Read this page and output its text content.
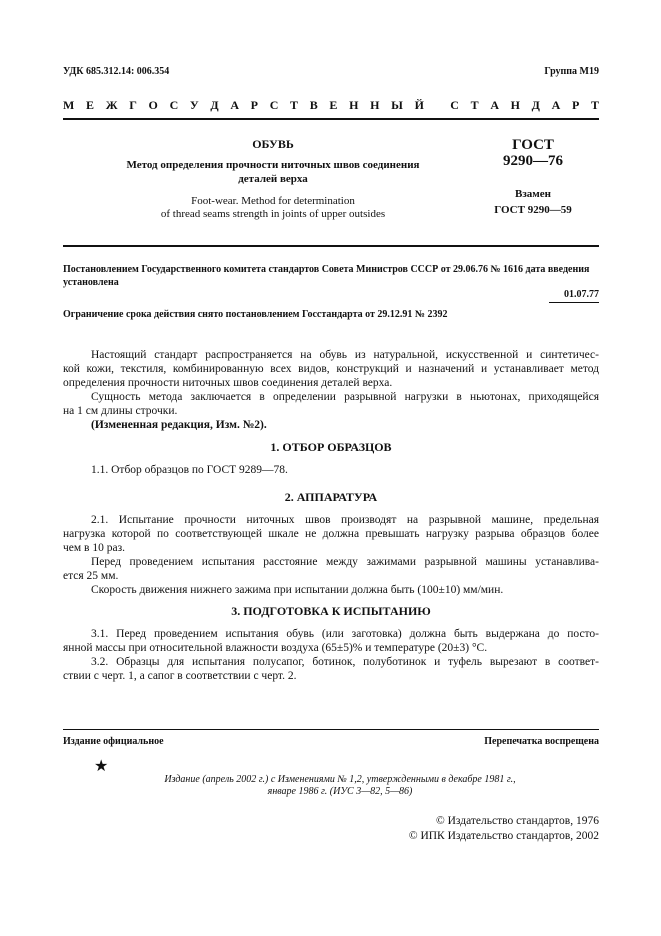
УДК 685.312.14: 006.354	Группа М19
М Е Ж Г О С У Д А Р С Т В Е Н Н Ы Й
С Т А Н Д А Р Т
ОБУВЬ
Метод определения прочности ниточных швов соединения
деталей верха
Foot-wear. Method for determination
of thread seams strength in joints of upper outsides
ГОСТ
9290—76
Взамен
ГОСТ 9290—59
Постановлением Государственного комитета стандартов Совета Министров СССР от 29.06.76 № 1616 дата введения установлена
01.07.77
Ограничение срока действия снято постановлением Госстандарта от 29.12.91 № 2392
Настоящий стандарт распространяется на обувь из натуральной, искусственной и синтетичес-
кой кожи, текстиля, комбинированную всех видов, конструкций и назначений и устанавливает метод
определения прочности ниточных швов соединения деталей верха.
Сущность метода заключается в определении разрывной нагрузки в ньютонах, приходящейся
на 1 см длины строчки.
(Измененная редакция, Изм. №2).
1. ОТБОР ОБРАЗЦОВ
1.1. Отбор образцов по ГОСТ 9289—78.
2. АППАРАТУРА
2.1. Испытание прочности ниточных швов производят на разрывной машине, предельная
нагрузка которой по соответствующей шкале не должна превышать нагрузку разрыва образцов более
чем в 10 раз.
Перед проведением испытания расстояние между зажимами разрывной машины устанавлива-
ется 25 мм.
Скорость движения нижнего зажима при испытании должна быть (100±10) мм/мин.
3. ПОДГОТОВКА К ИСПЫТАНИЮ
3.1. Перед проведением испытания обувь (или заготовка) должна быть выдержана до посто-
янной массы при относительной влажности воздуха (65±5)% и температуре (20±3) °С.
3.2. Образцы для испытания полусапог, ботинок, полуботинок и туфель вырезают в соответ-
ствии с черт. 1, а сапог в соответствии с черт. 2.
Издание официальное	Перепечатка воспрещена
★
Издание (апрель 2002 г.) с Изменениями № 1,2, утвержденными в декабре 1981 г.,
январе 1986 г. (ИУС 3—82, 5—86)
© Издательство стандартов, 1976
© ИПК Издательство стандартов, 2002
